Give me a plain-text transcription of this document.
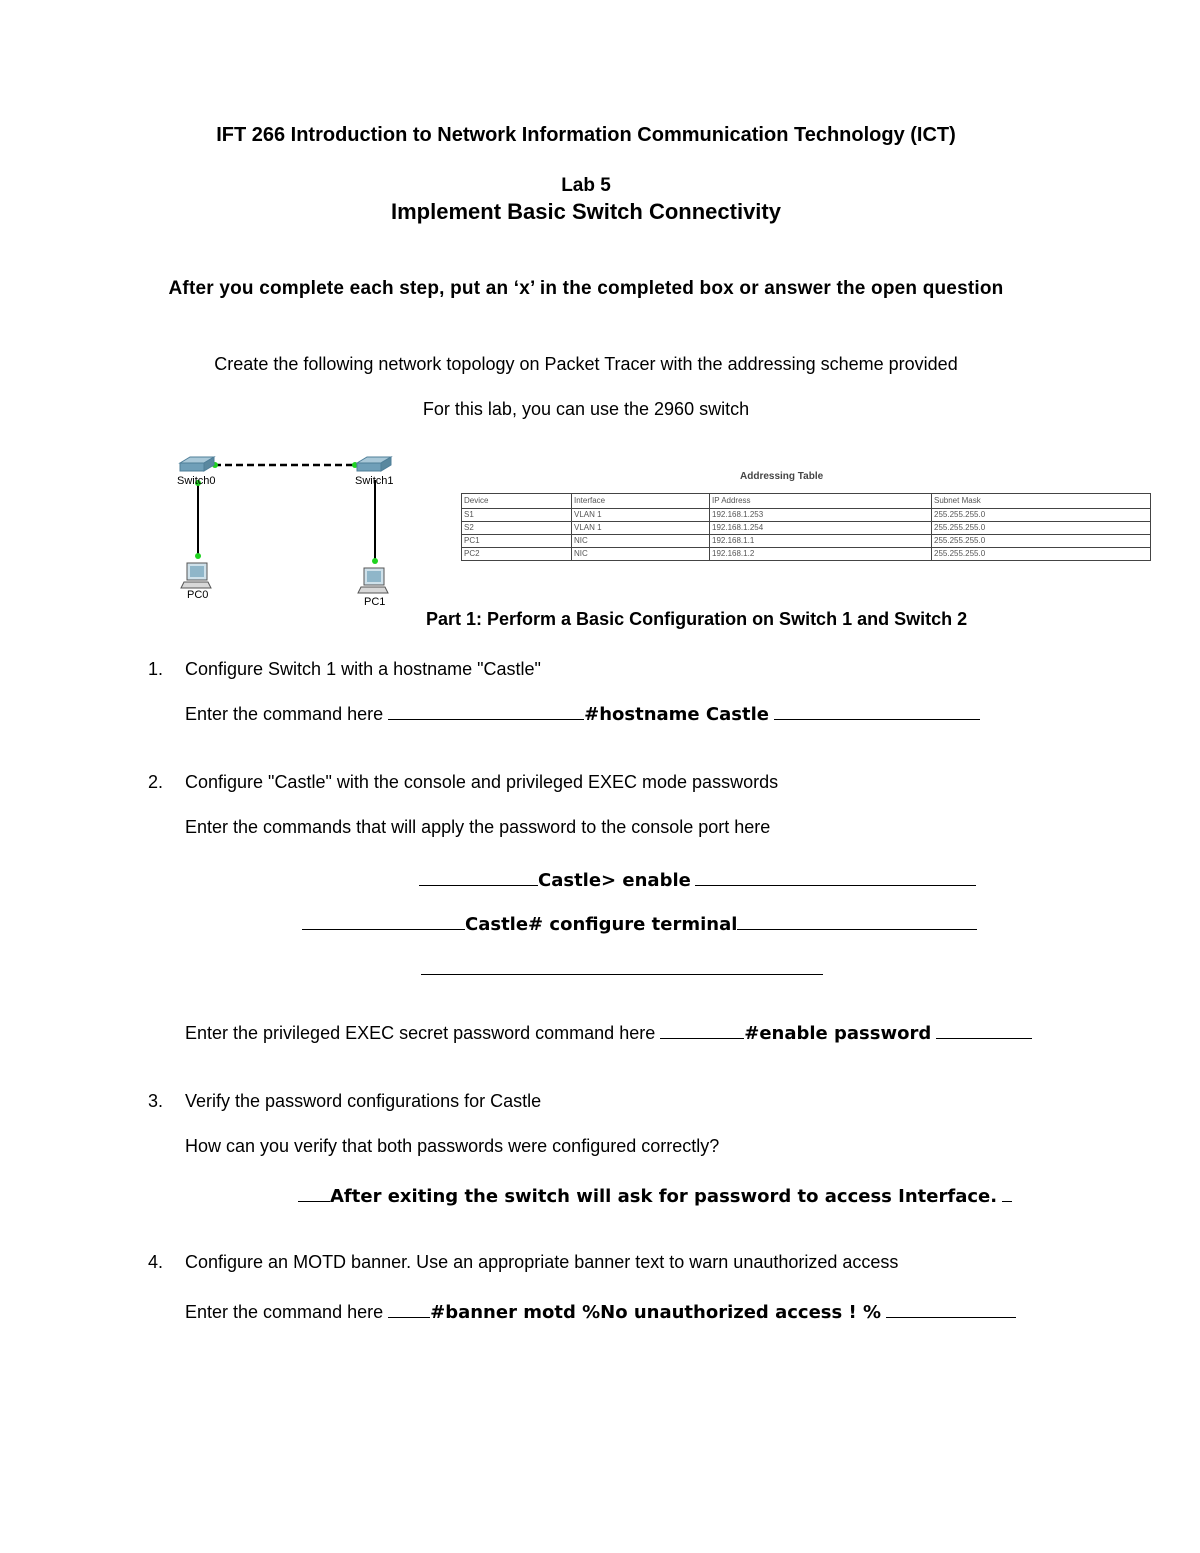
IFT 266 Introduction to Network Information Communication Technology (ICT)
Lab 5
Implement Basic Switch Connectivity
After you complete each step, put an ‘x’ in the completed box or answer the open question
Create the following network topology on Packet Tracer with the addressing scheme provided
For this lab, you can use the 2960 switch
Switch0	Switch1
PC0
PC1
Addressing Table
Device	Interface	IP Address	Subnet Mask
S1	VLAN 1	192.168.1.253	255.255.255.0
S2	VLAN 1	192.168.1.254	255.255.255.0
PC1	NIC	192.168.1.1	255.255.255.0
PC2	NIC	192.168.1.2	255.255.255.0
Part 1: Perform a Basic Configuration on Switch 1 and Switch 2
1. Configure Switch 1 with a hostname "Castle"
Enter the command here	#hostname Castle
2. Configure "Castle" with the console and privileged EXEC mode passwords
Enter the commands that will apply the password to the console port here
Castle> enable
Castle# configure terminal
Enter the privileged EXEC secret password command here	#enable password
3. Verify the password configurations for Castle
How can you verify that both passwords were configured correctly?
After exiting the switch will ask for password to access Interface.
4. Configure an MOTD banner. Use an appropriate banner text to warn unauthorized access
Enter the command here	#banner motd %No unauthorized access ! %
